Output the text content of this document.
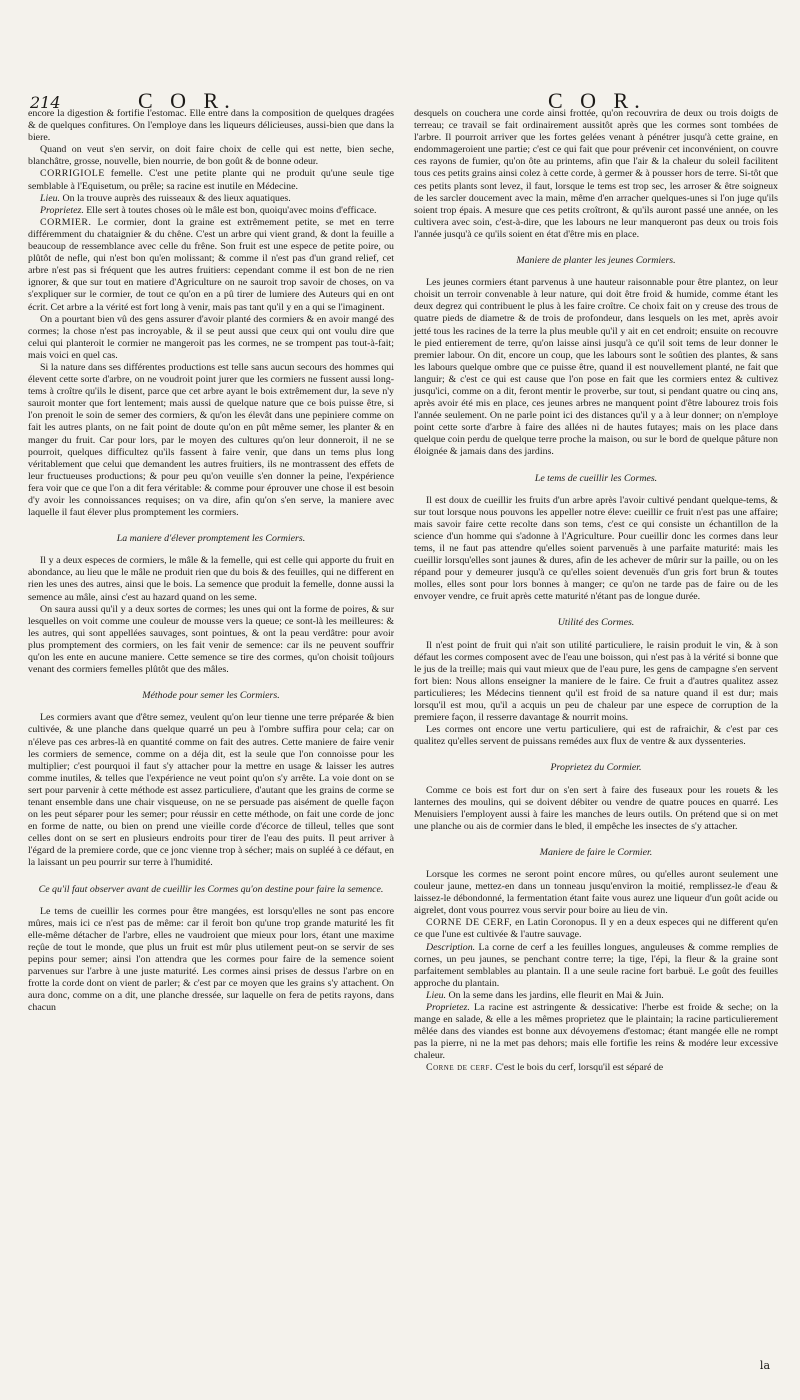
214	C O R.	C O R.

encore la digestion & fortifie l'estomac. Elle entre dans la composition de quelques dragées & de quelques confitures. On l'employe dans les liqueurs délicieuses, aussi-bien que dans la biere.

Quand on veut s'en servir, on doit faire choix de celle qui est nette, bien seche, blanchâtre, grosse, nouvelle, bien nourrie, de bon goût & de bonne odeur.

CORRIGIOLE femelle. C'est une petite plante qui ne produit qu'une seule tige semblable à l'Equisetum, ou prêle; sa racine est inutile en Médecine.

Lieu. On la trouve auprès des ruisseaux & des lieux aquatiques.

Proprietez. Elle sert à toutes choses où le mâle est bon, quoiqu'avec moins d'efficace.

CORMIER. Le cormier, dont la graine est extrêmement petite, se met en terre différemment du chataignier & du chêne. C'est un arbre qui vient grand, & dont la feuille a beaucoup de ressemblance avec celle du frêne. Son fruit est une espece de petite poire, ou plûtôt de nefle, qui n'est bon qu'en molissant; & comme il n'est pas d'un grand relief, cet arbre n'est pas si fréquent que les autres fruitiers: cependant comme il est bon de ne rien ignorer, & que sur tout en matiere d'Agriculture on ne sauroit trop savoir de choses, on va s'expliquer sur le cormier, de tout ce qu'on en a pû tirer de lumiere des Auteurs qui en ont écrit. Cet arbre a la vérité est fort long à venir, mais pas tant qu'il y en a qui se l'imaginent.

On a pourtant bien vû des gens assurer d'avoir planté des cormiers & en avoir mangé des cormes; la chose n'est pas incroyable, & il se peut aussi que ceux qui ont voulu dire que celui qui planteroit le cormier ne mangeroit pas les cormes, ne se trompent pas tout-à-fait; mais voici en quel cas.

Si la nature dans ses différentes productions est telle sans aucun secours des hommes qui élevent cette sorte d'arbre, on ne voudroit point jurer que les cormiers ne fussent aussi long-tems à croître qu'ils le disent, parce que cet arbre ayant le bois extrêmement dur, la seve n'y sauroit monter que fort lentement; mais aussi de quelque nature que ce bois puisse être, si l'on prenoit le soin de semer des cormiers, & qu'on les élevât dans une pepiniere comme on fait les autres plants, on ne fait point de doute qu'on en pût même semer, les planter & en manger du fruit. Car pour lors, par le moyen des cultures qu'on leur donneroit, il ne se pourroit, quelques difficultez qu'ils fassent à faire venir, que dans un tems plus long véritablement que celui que demandent les autres fruitiers, ils ne montrassent des effets de leur fructueuses productions; & pour peu qu'on veuille s'en donner la peine, l'expérience fera voir que ce que l'on a dit fera véritable: & comme pour éprouver une chose il est besoin d'y avoir les connoissances requises; on va dire, afin qu'on s'en serve, la maniere avec laquelle il faut élever plus promptement les cormiers.

La maniere d'élever promptement les Cormiers.

Il y a deux especes de cormiers, le mâle & la femelle, qui est celle qui apporte du fruit en abondance, au lieu que le mâle ne produit rien que du bois & des feuilles, qui ne different en rien les unes des autres, ainsi que le bois. La semence que produit la femelle, donne aussi la semence au mâle, ainsi c'est au hazard quand on les seme.

On saura aussi qu'il y a deux sortes de cormes; les unes qui ont la forme de poires, & sur lesquelles on voit comme une couleur de mousse vers la queue; ce sont-là les meilleures: & les autres, qui sont appellées sauvages, sont pointues, & ont la peau verdâtre: pour avoir plus promptement des cormiers, on les fait venir de semence: car ils ne peuvent souffrir qu'on les ente en aucune maniere. Cette semence se tire des cormes, qu'on choisit toûjours venant des cormiers femelles plûtôt que des mâles.

Méthode pour semer les Cormiers.

Les cormiers avant que d'être semez, veulent qu'on leur tienne une terre préparée & bien cultivée, & une planche dans quelque quarré un peu à l'ombre suffira pour cela; car on n'éleve pas ces arbres-là en quantité comme on fait des autres. Cette maniere de faire venir les cormiers de semence, comme on a déja dit, est la seule que l'on connoisse pour les multiplier; c'est pourquoi il faut s'y attacher pour la mettre en usage & laisser les autres comme inutiles, & telles que l'expérience ne veut point qu'on s'y arrête. La voie dont on se sert pour parvenir à cette méthode est assez particuliere, d'autant que les grains de corme se tenant ensemble dans une chair visqueuse, on ne se persuade pas aisément de quelle façon on les peut séparer pour les semer; pour réussir en cette méthode, on fait une corde de jonc en forme de natte, ou bien on prend une vieille corde d'écorce de tilleul, telles que sont celles dont on se sert en plusieurs endroits pour tirer de l'eau des puits. Il peut arriver à l'égard de la premiere corde, que ce jonc vienne trop à sécher; mais on supléé à ce défaut, en la laissant un peu pourrir sur terre à l'humidité.

Ce qu'il faut observer avant de cueillir les Cormes qu'on destine pour faire la semence.

Le tems de cueillir les cormes pour être mangées, est lorsqu'elles ne sont pas encore mûres, mais ici ce n'est pas de même: car il feroit bon qu'une trop grande maturité les fit elle-même détacher de l'arbre, elles ne vaudroient que mieux pour lors, étant une maxime reçûe de tout le monde, que plus un fruit est mûr plus utilement peut-on se servir de ses pepins pour semer; ainsi l'on attendra que les cormes pour faire de la semence soient parvenues sur l'arbre à une juste maturité. Les cormes ainsi prises de dessus l'arbre on en frotte la corde dont on vient de parler; & c'est par ce moyen que les grains s'y attachent. On aura donc, comme on a dit, une planche dressée, sur laquelle on fera de petits rayons, dans chacun

desquels on couchera une corde ainsi frottée, qu'on recouvrira de deux ou trois doigts de terreau; ce travail se fait ordinairement aussitôt après que les cormes sont tombées de l'arbre. Il pourroit arriver que les fortes gelées venant à pénétrer jusqu'à cette graine, en endommageroient une partie; c'est ce qui fait que pour prévenir cet inconvénient, on couvre ces rayons de fumier, qu'on ôte au printems, afin que l'air & la chaleur du soleil facilitent tous ces petits grains ainsi colez à cette corde, à germer & à pousser hors de terre. Si-tôt que ces petits plants sont levez, il faut, lorsque le tems est trop sec, les arroser & être soigneux de les sarcler doucement avec la main, même d'en arracher quelques-unes si l'on juge qu'ils soient trop épais. A mesure que ces petits croîtront, & qu'ils auront passé une année, on les cultivera avec soin, c'est-à-dire, que les labours ne leur manqueront pas deux ou trois fois l'année jusqu'à ce qu'ils soient en état d'être mis en place.

Maniere de planter les jeunes Cormiers.

Les jeunes cormiers étant parvenus à une hauteur raisonnable pour être plantez, on leur choisit un terroir convenable à leur nature, qui doit être froid & humide, comme étant les deux degrez qui contribuent le plus à les faire croître. Ce choix fait on y creuse des trous de quatre pieds de diametre & de trois de profondeur, dans lesquels on les met, après avoir jetté tous les racines de la terre la plus meuble qu'il y ait en cet endroit; ensuite on recouvre le pied entierement de terre, qu'on laisse ainsi jusqu'à ce qu'il soit tems de leur donner le premier labour. On dit, encore un coup, que les labours sont le soûtien des plantes, & sans les labours quelque ombre que ce puisse être, quand il est nouvellement planté, ne fait que languir; & c'est ce qui est cause que l'on pose en fait que les cormiers entez & cultivez jusqu'ici, comme on a dit, feront mentir le proverbe, sur tout, si pendant quatre ou cinq ans, après avoir été mis en place, ces jeunes arbres ne manquent point d'être labourez trois fois l'année seulement. On ne parle point ici des distances qu'il y a à leur donner; on n'employe point cette sorte d'arbre à faire des allées ni de hautes futayes; mais on les place dans quelque coin perdu de quelque terre proche la maison, ou sur le bord de quelque pâture non éloignée & jamais dans des jardins.

Le tems de cueillir les Cormes.

Il est doux de cueillir les fruits d'un arbre après l'avoir cultivé pendant quelque-tems, & sur tout lorsque nous pouvons les appeller notre éleve: cueillir ce fruit n'est pas une affaire; mais savoir faire cette recolte dans son tems, c'est ce qui consiste un échantillon de la science d'un homme qui s'adonne à l'Agriculture. Pour cueillir donc les cormes dans leur tems, il ne faut pas attendre qu'elles soient parvenuës à une parfaite maturité: mais les cueillir lorsqu'elles sont jaunes & dures, afin de les achever de mûrir sur la paille, ou on les répand pour y demeurer jusqu'à ce qu'elles soient devenuës d'un gris fort brun & toutes molles, elles sont pour lors bonnes à manger; ce qu'on ne tarde pas de faire ou de les envoyer vendre, ce fruit après cette maturité n'étant pas de longue durée.

Utilité des Cormes.

Il n'est point de fruit qui n'ait son utilité particuliere, le raisin produit le vin, & à son défaut les cormes composent avec de l'eau une boisson, qui n'est pas à la vérité si bonne que le jus de la treille; mais qui vaut mieux que de l'eau pure, les gens de campagne s'en servent fort bien: Nous allons enseigner la maniere de le faire. Ce fruit a d'autres qualitez assez particulieres; les Médecins tiennent qu'il est froid de sa nature quand il est dur; mais lorsqu'il est mou, qu'il a acquis un peu de chaleur par une espece de corruption de la premiere façon, il resserre davantage & nourrit moins.

Les cormes ont encore une vertu particuliere, qui est de rafraichir, & c'est par ces qualitez qu'elles servent de puissans remédes aux flux de ventre & aux dyssenteries.

Proprietez du Cormier.

Comme ce bois est fort dur on s'en sert à faire des fuseaux pour les rouets & les lanternes des moulins, qui se doivent débiter ou vendre de quatre pouces en quarré. Les Menuisiers l'employent aussi à faire les manches de leurs outils. On prétend que si on met une planche ou ais de cormier dans le bled, il empêche les insectes de s'y attacher.

Maniere de faire le Cormier.

Lorsque les cormes ne seront point encore mûres, ou qu'elles auront seulement une couleur jaune, mettez-en dans un tonneau jusqu'environ la moitié, remplissez-le d'eau & laissez-le débondonné, la fermentation étant faite vous aurez une liqueur d'un goût acide ou aigrelet, dont vous pourrez vous servir pour boire au lieu de vin.

CORNE DE CERF, en Latin Coronopus. Il y en a deux especes qui ne different qu'en ce que l'une est cultivée & l'autre sauvage.

Description. La corne de cerf a les feuilles longues, anguleuses & comme remplies de cornes, un peu jaunes, se penchant contre terre; la tige, l'épi, la fleur & la graine sont parfaitement semblables au plantain. Il a une seule racine fort barbuë. Le goût des feuilles approche du plantain.

Lieu. On la seme dans les jardins, elle fleurit en Mai & Juin.

Proprietez. La racine est astringente & dessicative: l'herbe est froide & seche; on la mange en salade, & elle a les mêmes proprietez que le plaintain; la racine particulierement mêlée dans des viandes est bonne aux dévoyemens d'estomac; étant mangée elle ne rompt pas la pierre, ni ne la met pas dehors; mais elle fortifie les reins & modére leur excessive chaleur.

Corne de cerf. C'est le bois du cerf, lorsqu'il est séparé de

la
